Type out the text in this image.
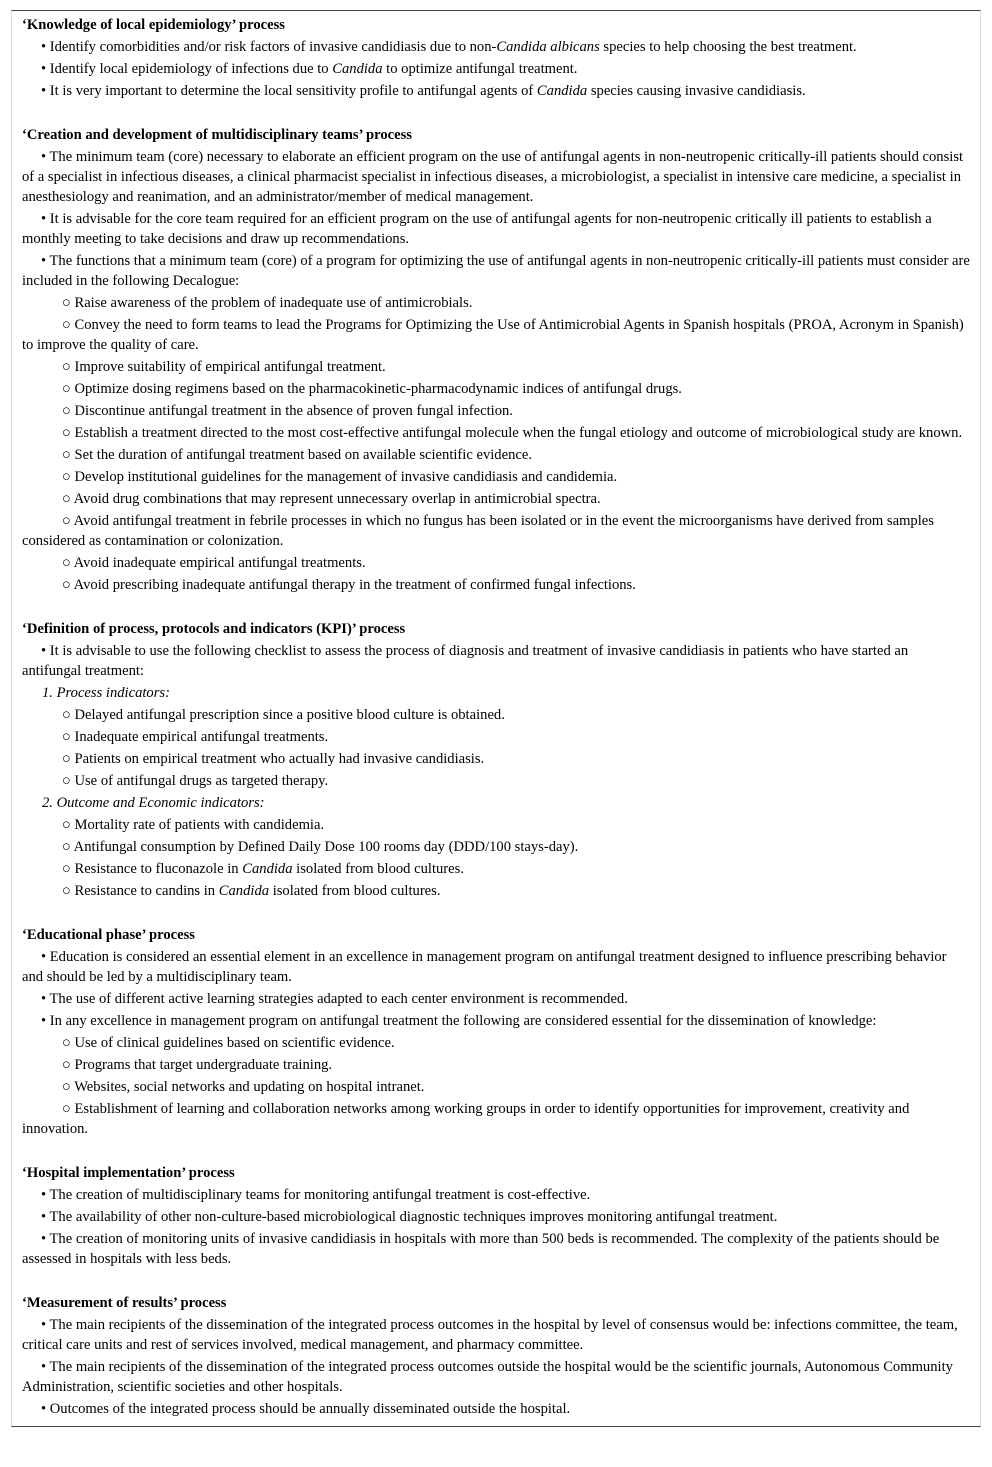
‘Knowledge of local epidemiology’ process
• Identify comorbidities and/or risk factors of invasive candidiasis due to non-Candida albicans species to help choosing the best treatment.
• Identify local epidemiology of infections due to Candida to optimize antifungal treatment.
• It is very important to determine the local sensitivity profile to antifungal agents of Candida species causing invasive candidiasis.
‘Creation and development of multidisciplinary teams’ process
• The minimum team (core) necessary to elaborate an efficient program on the use of antifungal agents in non-neutropenic critically-ill patients should consist of a specialist in infectious diseases, a clinical pharmacist specialist in infectious diseases, a microbiologist, a specialist in intensive care medicine, a specialist in anesthesiology and reanimation, and an administrator/member of medical management.
• It is advisable for the core team required for an efficient program on the use of antifungal agents for non-neutropenic critically ill patients to establish a monthly meeting to take decisions and draw up recommendations.
• The functions that a minimum team (core) of a program for optimizing the use of antifungal agents in non-neutropenic critically-ill patients must consider are included in the following Decalogue:
○ Raise awareness of the problem of inadequate use of antimicrobials.
○ Convey the need to form teams to lead the Programs for Optimizing the Use of Antimicrobial Agents in Spanish hospitals (PROA, Acronym in Spanish) to improve the quality of care.
○ Improve suitability of empirical antifungal treatment.
○ Optimize dosing regimens based on the pharmacokinetic-pharmacodynamic indices of antifungal drugs.
○ Discontinue antifungal treatment in the absence of proven fungal infection.
○ Establish a treatment directed to the most cost-effective antifungal molecule when the fungal etiology and outcome of microbiological study are known.
○ Set the duration of antifungal treatment based on available scientific evidence.
○ Develop institutional guidelines for the management of invasive candidiasis and candidemia.
○ Avoid drug combinations that may represent unnecessary overlap in antimicrobial spectra.
○ Avoid antifungal treatment in febrile processes in which no fungus has been isolated or in the event the microorganisms have derived from samples considered as contamination or colonization.
○ Avoid inadequate empirical antifungal treatments.
○ Avoid prescribing inadequate antifungal therapy in the treatment of confirmed fungal infections.
‘Definition of process, protocols and indicators (KPI)’ process
• It is advisable to use the following checklist to assess the process of diagnosis and treatment of invasive candidiasis in patients who have started an antifungal treatment:
1. Process indicators:
○ Delayed antifungal prescription since a positive blood culture is obtained.
○ Inadequate empirical antifungal treatments.
○ Patients on empirical treatment who actually had invasive candidiasis.
○ Use of antifungal drugs as targeted therapy.
2. Outcome and Economic indicators:
○ Mortality rate of patients with candidemia.
○ Antifungal consumption by Defined Daily Dose 100 rooms day (DDD/100 stays-day).
○ Resistance to fluconazole in Candida isolated from blood cultures.
○ Resistance to candins in Candida isolated from blood cultures.
‘Educational phase’ process
• Education is considered an essential element in an excellence in management program on antifungal treatment designed to influence prescribing behavior and should be led by a multidisciplinary team.
• The use of different active learning strategies adapted to each center environment is recommended.
• In any excellence in management program on antifungal treatment the following are considered essential for the dissemination of knowledge:
○ Use of clinical guidelines based on scientific evidence.
○ Programs that target undergraduate training.
○ Websites, social networks and updating on hospital intranet.
○ Establishment of learning and collaboration networks among working groups in order to identify opportunities for improvement, creativity and innovation.
‘Hospital implementation’ process
• The creation of multidisciplinary teams for monitoring antifungal treatment is cost-effective.
• The availability of other non-culture-based microbiological diagnostic techniques improves monitoring antifungal treatment.
• The creation of monitoring units of invasive candidiasis in hospitals with more than 500 beds is recommended. The complexity of the patients should be assessed in hospitals with less beds.
‘Measurement of results’ process
• The main recipients of the dissemination of the integrated process outcomes in the hospital by level of consensus would be: infections committee, the team, critical care units and rest of services involved, medical management, and pharmacy committee.
• The main recipients of the dissemination of the integrated process outcomes outside the hospital would be the scientific journals, Autonomous Community Administration, scientific societies and other hospitals.
• Outcomes of the integrated process should be annually disseminated outside the hospital.
